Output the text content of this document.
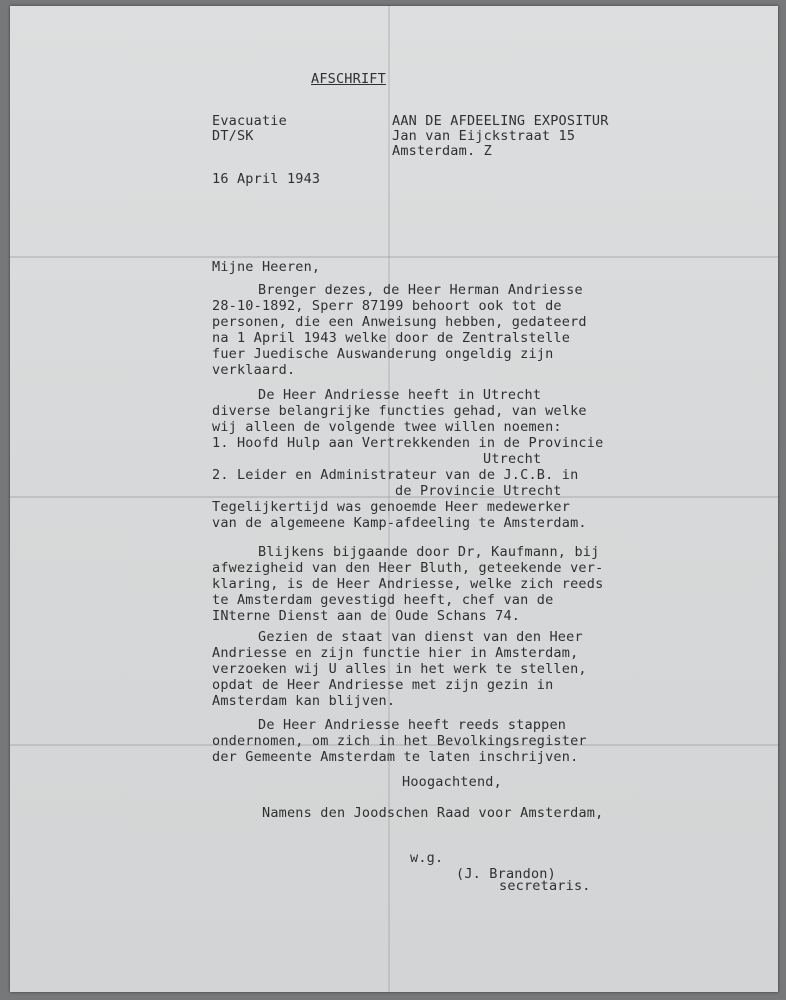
AFSCHRIFT
Evacuatie
DT/SK
AAN DE AFDEELING EXPOSITUR
Jan van Eijckstraat 15
Amsterdam. Z
16 April 1943
Mijne Heeren,
Brenger dezes, de Heer Herman Andriesse
28-10-1892, Sperr 87199 behoort ook tot de
personen, die een Anweisung hebben, gedateerd
na 1 April 1943 welke door de Zentralstelle
fuer Juedische Auswanderung ongeldig zijn
verklaard.
De Heer Andriesse heeft in Utrecht
diverse belangrijke functies gehad, van welke
wij alleen de volgende twee willen noemen:
1. Hoofd Hulp aan Vertrekkenden in de Provincie
Utrecht
2. Leider en Administrateur van de J.C.B. in
de Provincie Utrecht
Tegelijkertijd was genoemde Heer medewerker
van de algemeene Kamp-afdeeling te Amsterdam.
Blijkens bijgaande door Dr, Kaufmann, bij
afwezigheid van den Heer Bluth, geteekende ver-
klaring, is de Heer Andriesse, welke zich reeds
te Amsterdam gevestigd heeft, chef van de
INterne Dienst aan de Oude Schans 74.
Gezien de staat van dienst van den Heer
Andriesse en zijn functie hier in Amsterdam,
verzoeken wij U alles in het werk te stellen,
opdat de Heer Andriesse met zijn gezin in
Amsterdam kan blijven.
De Heer Andriesse heeft reeds stappen
ondernomen, om zich in het Bevolkingsregister
der Gemeente Amsterdam te laten inschrijven.
Hoogachtend,
Namens den Joodschen Raad voor Amsterdam,
w.g.
(J. Brandon)
secretaris.
